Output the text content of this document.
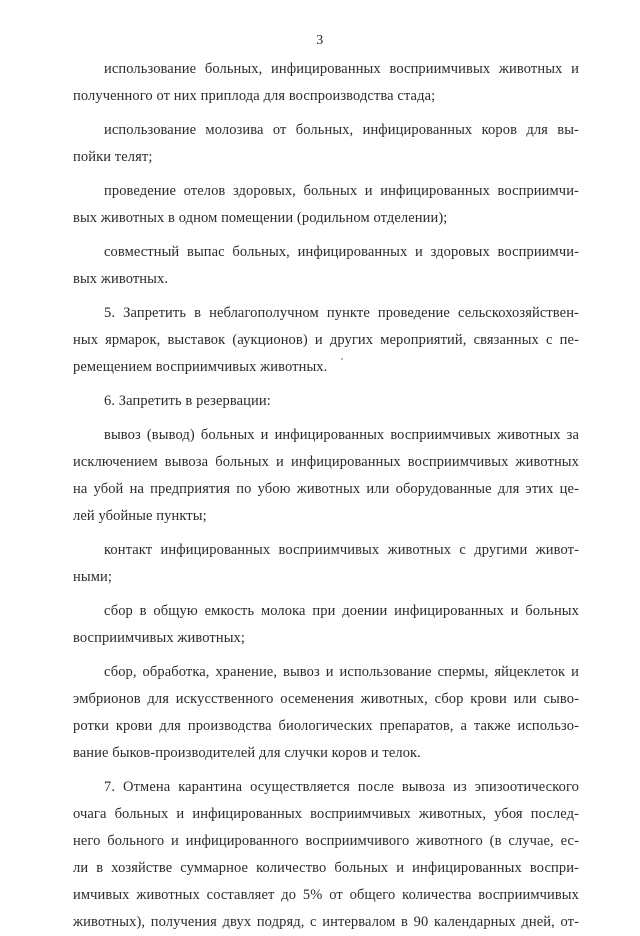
3
использование больных, инфицированных восприимчивых животных и
полученного от них приплода для воспроизводства стада;
использование молозива от больных, инфицированных коров для вы-
пойки телят;
проведение отелов здоровых, больных и инфицированных восприимчи-
вых животных в одном помещении (родильном отделении);
совместный выпас больных, инфицированных и здоровых восприимчи-
вых животных.
5. Запретить в неблагополучном пункте проведение сельскохозяйствен-
ных ярмарок, выставок (аукционов) и других мероприятий, связанных с пе-
ремещением восприимчивых животных.
6. Запретить в резервации:
вывоз (вывод) больных и инфицированных восприимчивых животных за
исключением вывоза больных и инфицированных восприимчивых животных
на убой на предприятия по убою животных или оборудованные для этих це-
лей убойные пункты;
контакт инфицированных восприимчивых животных с другими живот-
ными;
сбор в общую емкость молока при доении инфицированных и больных
восприимчивых животных;
сбор, обработка, хранение, вывоз и использование спермы, яйцеклеток и
эмбрионов для искусственного осеменения животных, сбор крови или сыво-
ротки крови для производства биологических препаратов, а также использо-
вание быков-производителей для случки коров и телок.
7. Отмена карантина осуществляется после вывоза из эпизоотического
очага больных и инфицированных восприимчивых животных, убоя послед-
него больного и инфицированного восприимчивого животного (в случае, ес-
ли в хозяйстве суммарное количество больных и инфицированных воспри-
имчивых животных составляет до 5% от общего количества восприимчивых
животных), получения двух подряд, с интервалом в 90 календарных дней, от-
